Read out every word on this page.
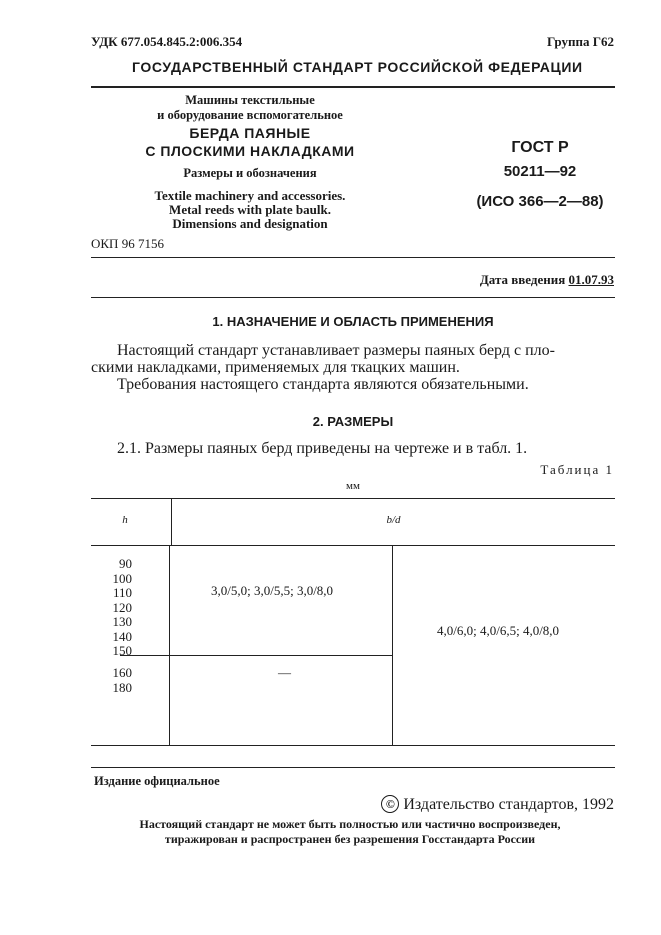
УДК 677.054.845.2:006.354	Группа Г62
ГОСУДАРСТВЕННЫЙ СТАНДАРТ РОССИЙСКОЙ ФЕДЕРАЦИИ
Машины текстильные
и оборудование вспомогательное
БЕРДА ПАЯНЫЕ
С ПЛОСКИМИ НАКЛАДКАМИ
Размеры и обозначения
Textile machinery and accessories.
Metal reeds with plate baulk.
Dimensions and designation
ОКП 96 7156
ГОСТ Р
50211—92
(ИСО 366—2—88)
Дата введения 01.07.93
1. НАЗНАЧЕНИЕ И ОБЛАСТЬ ПРИМЕНЕНИЯ
Настоящий стандарт устанавливает размеры паяных берд с пло-
скими накладками, применяемых для ткацких машин.
Требования настоящего стандарта являются обязательными.
2. РАЗМЕРЫ
2.1. Размеры паяных берд приведены на чертеже и в табл. 1.
Таблица 1
мм
h	b/d
90
100
110
120
130
140
150
3,0/5,0; 3,0/5,5; 3,0/8,0
160
180
—
4,0/6,0; 4,0/6,5; 4,0/8,0
Издание официальное
© Издательство стандартов, 1992
Настоящий стандарт не может быть полностью или частично воспроизведен,
тиражирован и распространен без разрешения Госстандарта России
